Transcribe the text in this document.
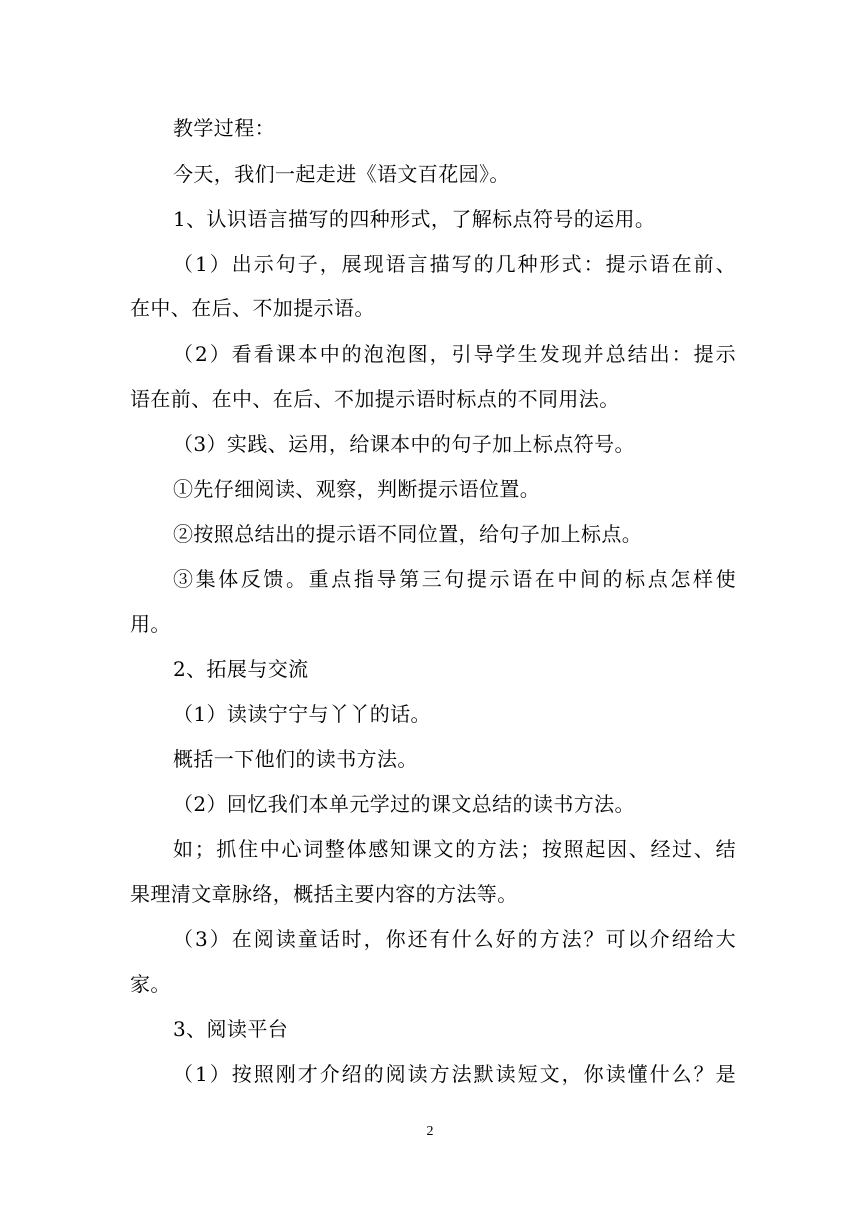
教学过程：
今天，我们一起走进《语文百花园》。
1、认识语言描写的四种形式，了解标点符号的运用。
（1）出示句子，展现语言描写的几种形式：提示语在前、
在中、在后、不加提示语。
（2）看看课本中的泡泡图，引导学生发现并总结出：提示
语在前、在中、在后、不加提示语时标点的不同用法。
（3）实践、运用，给课本中的句子加上标点符号。
①先仔细阅读、观察，判断提示语位置。
②按照总结出的提示语不同位置，给句子加上标点。
③集体反馈。重点指导第三句提示语在中间的标点怎样使
用。
2、拓展与交流
（1）读读宁宁与丫丫的话。
概括一下他们的读书方法。
（2）回忆我们本单元学过的课文总结的读书方法。
如；抓住中心词整体感知课文的方法；按照起因、经过、结
果理清文章脉络，概括主要内容的方法等。
（3）在阅读童话时，你还有什么好的方法？可以介绍给大
家。
3、阅读平台
（1）按照刚才介绍的阅读方法默读短文，你读懂什么？是
2
